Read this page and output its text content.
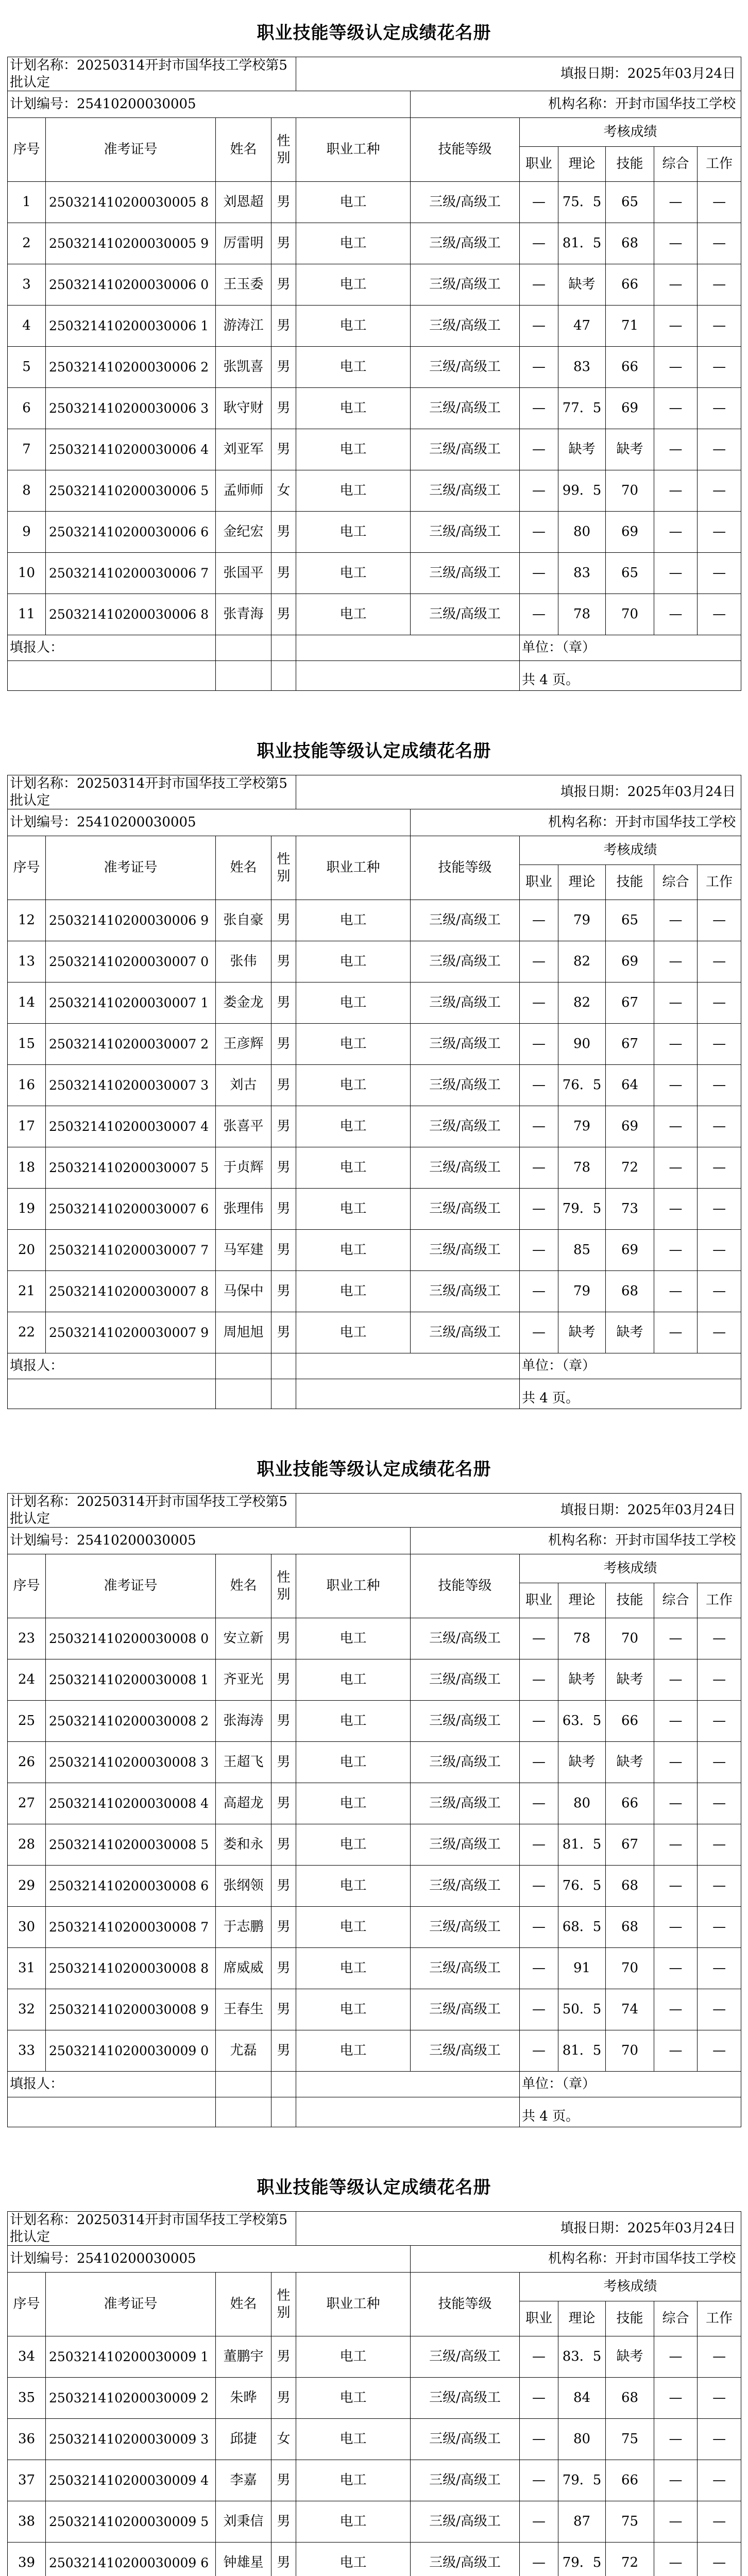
职业技能等级认定成绩花名册
计划名称：20250314开封市国华技工学校第5批认定				填报日期：2025年03月24日						
计划编号：25410200030005					机构名称：开封市国华技工学校					
序号	准考证号	姓名	性别	职业工种	技能等级	考核成绩				
						职业	理论	技能	综合	工作
1	250321410200030005 8	刘恩超	男	电工	三级/高级工	—	75．5	65	—	—
2	250321410200030005 9	厉雷明	男	电工	三级/高级工	—	81．5	68	—	—
3	250321410200030006 0	王玉委	男	电工	三级/高级工	—	缺考	66	—	—
4	250321410200030006 1	游涛江	男	电工	三级/高级工	—	47	71	—	—
5	250321410200030006 2	张凯喜	男	电工	三级/高级工	—	83	66	—	—
6	250321410200030006 3	耿守财	男	电工	三级/高级工	—	77．5	69	—	—
7	250321410200030006 4	刘亚军	男	电工	三级/高级工	—	缺考	缺考	—	—
8	250321410200030006 5	孟师师	女	电工	三级/高级工	—	99．5	70	—	—
9	250321410200030006 6	金纪宏	男	电工	三级/高级工	—	80	69	—	—
10	250321410200030006 7	张国平	男	电工	三级/高级工	—	83	65	—	—
11	250321410200030006 8	张青海	男	电工	三级/高级工	—	78	70	—	—
填报人：						单位：（章）				
						共 4 页。				
职业技能等级认定成绩花名册
计划名称：20250314开封市国华技工学校第5批认定				填报日期：2025年03月24日						
计划编号：25410200030005					机构名称：开封市国华技工学校					
序号	准考证号	姓名	性别	职业工种	技能等级	考核成绩				
						职业	理论	技能	综合	工作
12	250321410200030006 9	张自豪	男	电工	三级/高级工	—	79	65	—	—
13	250321410200030007 0	张伟	男	电工	三级/高级工	—	82	69	—	—
14	250321410200030007 1	娄金龙	男	电工	三级/高级工	—	82	67	—	—
15	250321410200030007 2	王彦辉	男	电工	三级/高级工	—	90	67	—	—
16	250321410200030007 3	刘古	男	电工	三级/高级工	—	76．5	64	—	—
17	250321410200030007 4	张喜平	男	电工	三级/高级工	—	79	69	—	—
18	250321410200030007 5	于贞辉	男	电工	三级/高级工	—	78	72	—	—
19	250321410200030007 6	张理伟	男	电工	三级/高级工	—	79．5	73	—	—
20	250321410200030007 7	马军建	男	电工	三级/高级工	—	85	69	—	—
21	250321410200030007 8	马保中	男	电工	三级/高级工	—	79	68	—	—
22	250321410200030007 9	周旭旭	男	电工	三级/高级工	—	缺考	缺考	—	—
填报人：						单位：（章）				
						共 4 页。				
职业技能等级认定成绩花名册
计划名称：20250314开封市国华技工学校第5批认定				填报日期：2025年03月24日						
计划编号：25410200030005					机构名称：开封市国华技工学校					
序号	准考证号	姓名	性别	职业工种	技能等级	考核成绩				
						职业	理论	技能	综合	工作
23	250321410200030008 0	安立新	男	电工	三级/高级工	—	78	70	—	—
24	250321410200030008 1	齐亚光	男	电工	三级/高级工	—	缺考	缺考	—	—
25	250321410200030008 2	张海涛	男	电工	三级/高级工	—	63．5	66	—	—
26	250321410200030008 3	王超飞	男	电工	三级/高级工	—	缺考	缺考	—	—
27	250321410200030008 4	高超龙	男	电工	三级/高级工	—	80	66	—	—
28	250321410200030008 5	娄和永	男	电工	三级/高级工	—	81．5	67	—	—
29	250321410200030008 6	张纲领	男	电工	三级/高级工	—	76．5	68	—	—
30	250321410200030008 7	于志鹏	男	电工	三级/高级工	—	68．5	68	—	—
31	250321410200030008 8	席威威	男	电工	三级/高级工	—	91	70	—	—
32	250321410200030008 9	王春生	男	电工	三级/高级工	—	50．5	74	—	—
33	250321410200030009 0	尤磊	男	电工	三级/高级工	—	81．5	70	—	—
填报人：						单位：（章）				
						共 4 页。				
职业技能等级认定成绩花名册
计划名称：20250314开封市国华技工学校第5批认定				填报日期：2025年03月24日						
计划编号：25410200030005					机构名称：开封市国华技工学校					
序号	准考证号	姓名	性别	职业工种	技能等级	考核成绩				
						职业	理论	技能	综合	工作
34	250321410200030009 1	董鹏宇	男	电工	三级/高级工	—	83．5	缺考	—	—
35	250321410200030009 2	朱晔	男	电工	三级/高级工	—	84	68	—	—
36	250321410200030009 3	邱捷	女	电工	三级/高级工	—	80	75	—	—
37	250321410200030009 4	李嘉	男	电工	三级/高级工	—	79．5	66	—	—
38	250321410200030009 5	刘秉信	男	电工	三级/高级工	—	87	75	—	—
39	250321410200030009 6	钟雄星	男	电工	三级/高级工	—	79．5	72	—	—
